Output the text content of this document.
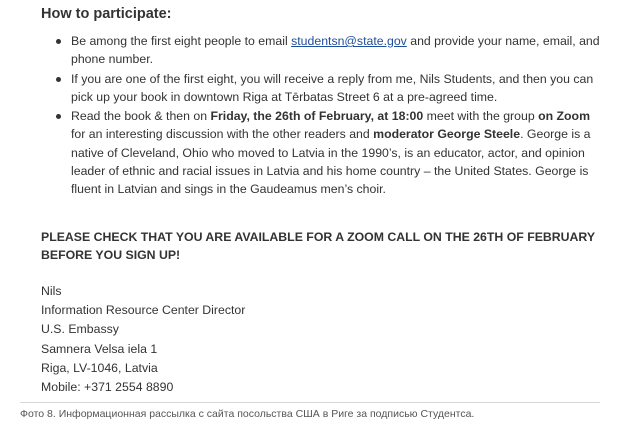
How to participate:
Be among the first eight people to email studentsn@state.gov and provide your name, email, and phone number.
If you are one of the first eight, you will receive a reply from me, Nils Students, and then you can pick up your book in downtown Riga at Tērbatas Street 6 at a pre-agreed time.
Read the book & then on Friday, the 26th of February, at 18:00 meet with the group on Zoom for an interesting discussion with the other readers and moderator George Steele. George is a native of Cleveland, Ohio who moved to Latvia in the 1990’s, is an educator, actor, and opinion leader of ethnic and racial issues in Latvia and his home country – the United States. George is fluent in Latvian and sings in the Gaudeamus men’s choir.
PLEASE CHECK THAT YOU ARE AVAILABLE FOR A ZOOM CALL ON THE 26TH OF FEBRUARY BEFORE YOU SIGN UP!
Nils
Information Resource Center Director
U.S. Embassy
Samnera Velsa iela 1
Riga, LV-1046, Latvia
Mobile: +371 2554 8890
Фото 8. Информационная рассылка с сайта посольства США в Риге за подписью Студентса.
